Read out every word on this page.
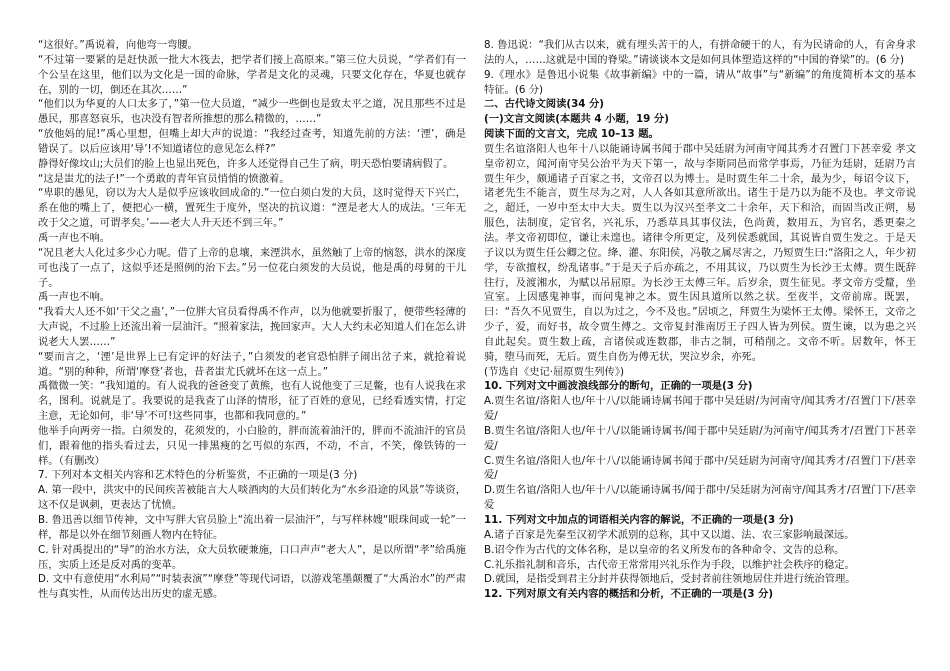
“这很好。”禹说着，向他弯一弯腰。

“不过第一要紧的是赶快派一批大木筏去，把学者们接上高原来。”第三位大员说，“学者们有一个公呈在这里，他们以为文化是一国的命脉，学者是文化的灵魂，只要文化存在，华夏也就存在，别的一切，倒还在其次……”

“他们以为华夏的人口太多了，”第一位大员道，“减少一些倒也是致太平之道，况且那些不过是愚民，那喜怒哀乐，也决没有智者所推想的那么精微的，……”

“放他妈的屁!”禹心里想，但嘴上却大声的说道：“我经过查考，知道先前的方法：‘湮’，确是错误了。以后应该用‘导’!不知道诸位的意见怎么样?”

静得好像坟山;大员们的脸上也显出死色，许多人还觉得自己生了病，明天恐怕要请病假了。

“这是蚩尤的法子!”一个勇敢的青年官员悄悄的愤激着。

“卑职的愚见，窃以为大人是似乎应该收回成命的.”一位白须白发的大员，这时觉得天下兴亡，系在他的嘴上了，便把心一横，置死生于度外，坚决的抗议道：“湮是老大人的成法。‘三年无改于父之道，可谓孝矣。’——老大人升天还不到三年。”

禹一声也不响。

“况且老大人化过多少心力呢。借了上帝的息壤，来湮洪水，虽然触了上帝的恼怒，洪水的深度可也浅了一点了，这似乎还是照例的治下去。”另一位花白须发的大员说，他是禹的母舅的干儿子。

禹一声也不响。

“我看大人还不如‘干父之蛊’，”一位胖大官员看得禹不作声，以为他就要折服了，便带些轻薄的大声说，不过脸上还流出着一层油汗。“照着家法，挽回家声。大人大约未必知道人们在怎么讲说老大人罢……”

“要而言之，‘湮’是世界上已有定评的好法子，”白须发的老官恐怕胖子闹出岔子来，就抢着说道。“别的种种，所谓‘摩登’者也，昔者蚩尤氏就坏在这一点上。”

禹微微一笑：“我知道的。有人说我的爸爸变了黄熊，也有人说他变了三足鳖，也有人说我在求名，图利。说就是了。我要说的是我查了山泽的情形，征了百姓的意见，已经看透实情，打定主意，无论如何，非‘导’不可!这些同事，也都和我同意的。”

他举手向两旁一指。白须发的，花须发的，小白脸的，胖而流着油汗的，胖而不流油汗的官员们，跟着他的指头看过去，只见一排黑瘦的乞丐似的东西，不动，不言，不笑，像铁铸的一样。（有删改）

7. 下列对本文相关内容和艺术特色的分析鉴赏，不正确的一项是(3 分)

A. 第一段中，洪灾中的民间疾苦被能言大人啖酒肉的大员们转化为“水乡沿途的风景”等谈资，这不仅是讽刺，更表达了忧愤。

B. 鲁迅善以细节传神，文中写胖大官员脸上“流出着一层油汗”，与写样林嫂“眼珠间或一轮”一样，都是以外在细节刻画人物内在特征。

C. 针对禹提出的“导”的治水方法，众大员软硬兼施，口口声声“老大人”，是以所谓“孝”给禹施压，实质上还是反对禹的变革。

D. 文中有意使用“水利局”“时装表演”“摩登”等现代词语，以游戏笔墨颠覆了“大禹治水”的严肃性与真实性，从而传达出历史的虚无感。

8. 鲁迅说：“我们从古以来，就有埋头苦干的人，有拼命硬干的人，有为民请命的人，有舍身求法的人，……这就是中国的脊梁。”请谈谈本文是如何具体塑造这样的“中国的脊梁”的。(6 分)

9.《理水》是鲁迅小说集《故事新编》中的一篇，请从“故事”与“新编”的角度简析本文的基本特征。(6 分)

二、古代诗文阅读(34 分)

(一)文言文阅读(本题共 4 小题，19 分)

阅读下面的文言文，完成 10–13 题。

贾生名谊洛阳人也年十八以能诵诗属书闻于郡中吴廷尉为河南守闻其秀才召置门下甚幸爱 孝文皇帝初立，闻河南守吴公治平为天下第一，故与李斯同邑而常学事焉，乃征为廷尉，廷尉乃言贾生年少，颇通诸子百家之书，文帝召以为博士。是时贾生年二十余，最为少，每诏令议下，诸老先生不能言，贾生尽为之对，人人各如其意所欲出。诸生于是乃以为能不及也。孝文帝说之，超迁，一岁中至太中大夫。贾生以为汉兴至孝文二十余年，天下和洽，而固当改正朔，易服色，法制度，定官名，兴礼乐，乃悉草具其事仪法，色尚黄，数用五，为官名，悉更秦之法。孝文帝初即位，谦让未遑也。诸律令所更定，及列侯悉就国，其说皆自贾生发之。于是天子议以为贾生任公卿之位。绛、灌、东阳侯，冯敬之属尽害之，乃短贾生曰:“洛阳之人，年少初学，专欲擅权，纷乱诸事。”于是天子后亦疏之，不用其议，乃以贾生为长沙王太傅。贾生既辞往行，及渡湘水，为赋以吊屈原。为长沙王太傅三年。后岁余，贾生征见。孝文帝方受釐，坐宣室。上因感鬼神事，而问鬼神之本。贾生因具道所以然之状。至夜半，文帝前席。既罢，曰：“吾久不见贾生，自以为过之，今不及也。”居顷之，拜贾生为梁怀王太傅。梁怀王，文帝之少子，爱，而好书，故令贾生傅之。文帝复封淮南厉王子四人皆为列侯。贾生谏，以为患之兴自此起矣。贾生数上疏，言诸侯或连数郡，非古之制，可稍削之。文帝不听。居数年，怀王骑，堕马而死，无后。贾生自伤为傅无状，哭泣岁余，亦死。

(节选自《史记·屈原贾生列传》)

10. 下列对文中画波浪线部分的断句，正确的一项是(3 分)

A.贾生名谊/洛阳人也/年十八/以能诵诗属书闻于郡中吴廷尉/为河南守/闻其秀才/召置门下/甚幸爱/

B.贾生名谊/洛阳人也/年十八/以能诵诗属书/闻于郡中吴廷尉/为河南守/闻其秀才/召置门下甚幸爱/

C.贾生名谊/洛阳人也/年十八/以能诵诗属书闻于郡中/吴廷尉为河南守/闻其秀才/召置门下/甚幸爱/

D.贾生名谊/洛阳人也/年十八/以能诵诗属书/闻于郡中/吴廷尉为河南守/闻其秀才/召置门下/甚幸爱

11. 下列对文中加点的词语相关内容的解说，不正确的一项是(3 分)

A.诸子百家是先秦至汉初学术派别的总称，其中又以道、法、农三家影响最深远。

B.诏令作为古代的文体名称，是以皇帝的名义所发布的各种命令、文告的总称。

C.礼乐指礼制和音乐，古代帝王常常用兴礼乐作为手段，以维护社会秩序的稳定。

D.就国，是指受到君主分封并获得领地后，受封者前往领地居住并进行统治管理。

12. 下列对原文有关内容的概括和分析，不正确的一项是(3 分)
